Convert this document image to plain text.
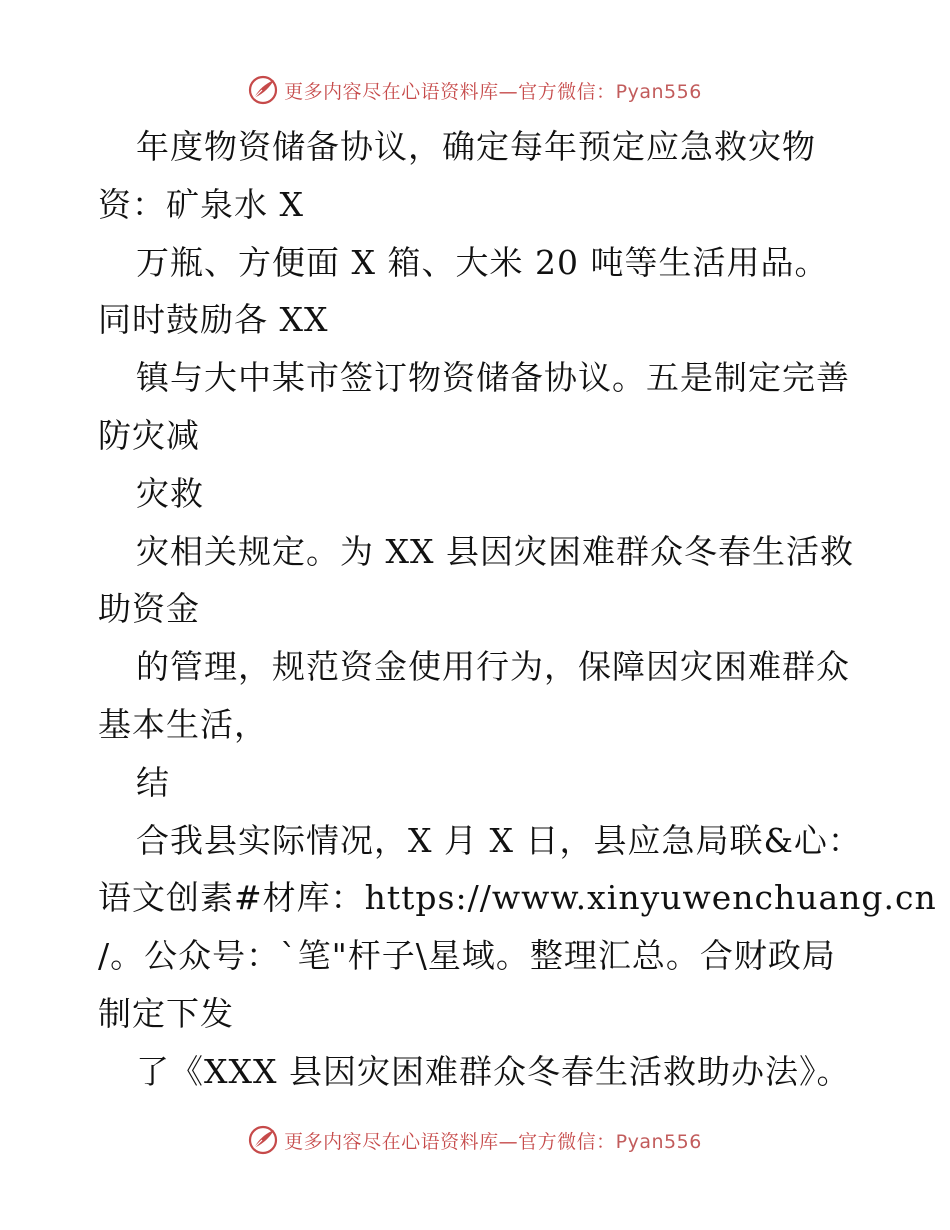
更多内容尽在心语资料库—官方微信：Pyan556
年度物资储备协议，确定每年预定应急救灾物
资：矿泉水 X
万瓶、方便面 X 箱、大米 20 吨等生活用品。
同时鼓励各 XX
镇与大中某市签订物资储备协议。五是制定完善
防灾减
灾救
灾相关规定。为 XX 县因灾困难群众冬春生活救
助资金
的管理，规范资金使用行为，保障因灾困难群众
基本生活，
结
合我县实际情况，X 月 X 日，县应急局联&心：
语文创素#材库：https://www.xinyuwenchuang.cn
/。公众号：`笔"杆子\星域。整理汇总。合财政局
制定下发
了《XXX 县因灾困难群众冬春生活救助办法》。
更多内容尽在心语资料库—官方微信：Pyan556
